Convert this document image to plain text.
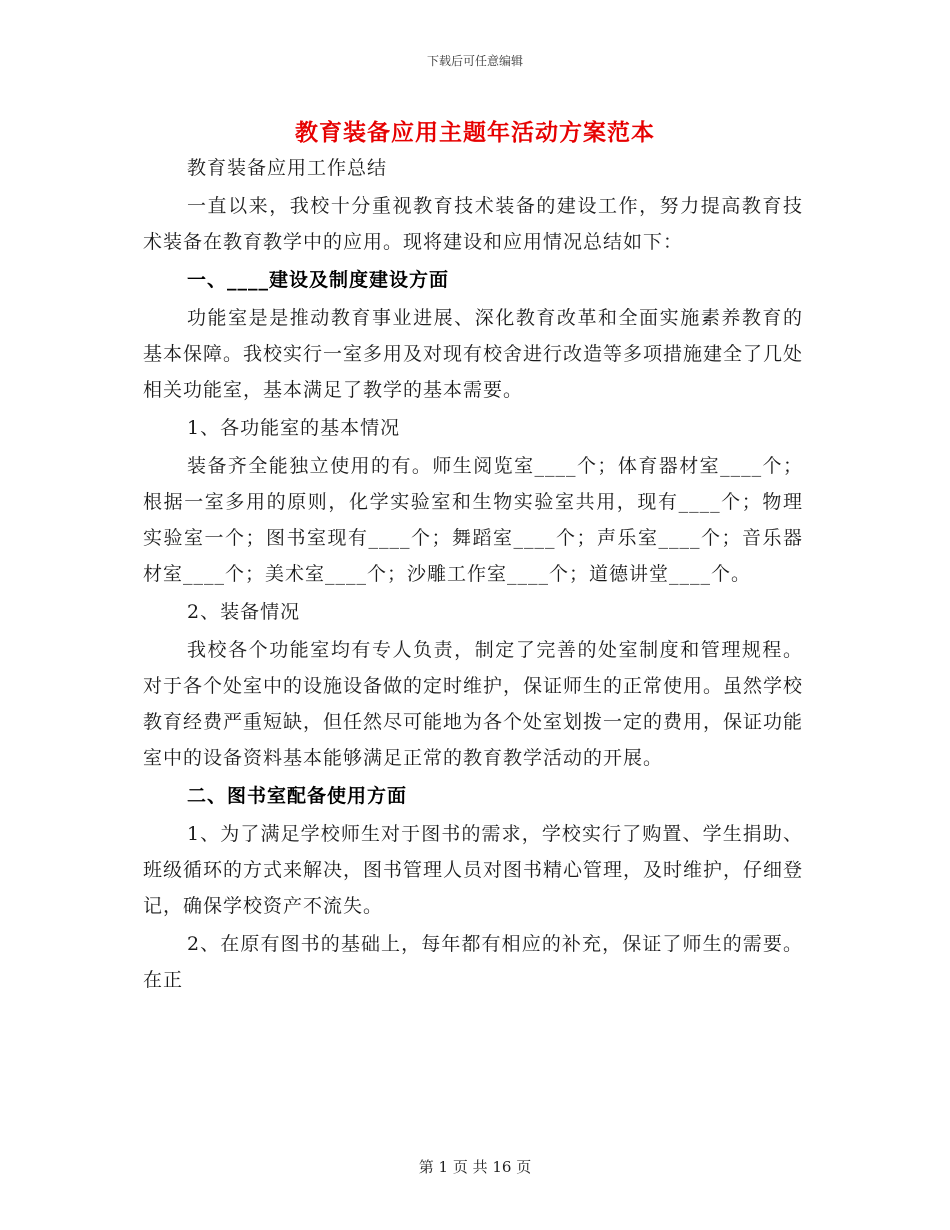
下载后可任意编辑
教育装备应用主题年活动方案范本

教育装备应用工作总结

一直以来，我校十分重视教育技术装备的建设工作，努力提高教育技术装备在教育教学中的应用。现将建设和应用情况总结如下：

一、____建设及制度建设方面

功能室是是推动教育事业进展、深化教育改革和全面实施素养教育的基本保障。我校实行一室多用及对现有校舍进行改造等多项措施建全了几处相关功能室，基本满足了教学的基本需要。

1、各功能室的基本情况

装备齐全能独立使用的有。师生阅览室____个；体育器材室____个；根据一室多用的原则，化学实验室和生物实验室共用，现有____个；物理实验室一个；图书室现有____个；舞蹈室____个；声乐室____个；音乐器材室____个；美术室____个；沙雕工作室____个；道德讲堂____个。

2、装备情况

我校各个功能室均有专人负责，制定了完善的处室制度和管理规程。对于各个处室中的设施设备做的定时维护，保证师生的正常使用。虽然学校教育经费严重短缺，但任然尽可能地为各个处室划拨一定的费用，保证功能室中的设备资料基本能够满足正常的教育教学活动的开展。

二、图书室配备使用方面

1、为了满足学校师生对于图书的需求，学校实行了购置、学生捐助、班级循环的方式来解决，图书管理人员对图书精心管理，及时维护，仔细登记，确保学校资产不流失。

2、在原有图书的基础上，每年都有相应的补充，保证了师生的需要。在正

第 1 页 共 16 页
